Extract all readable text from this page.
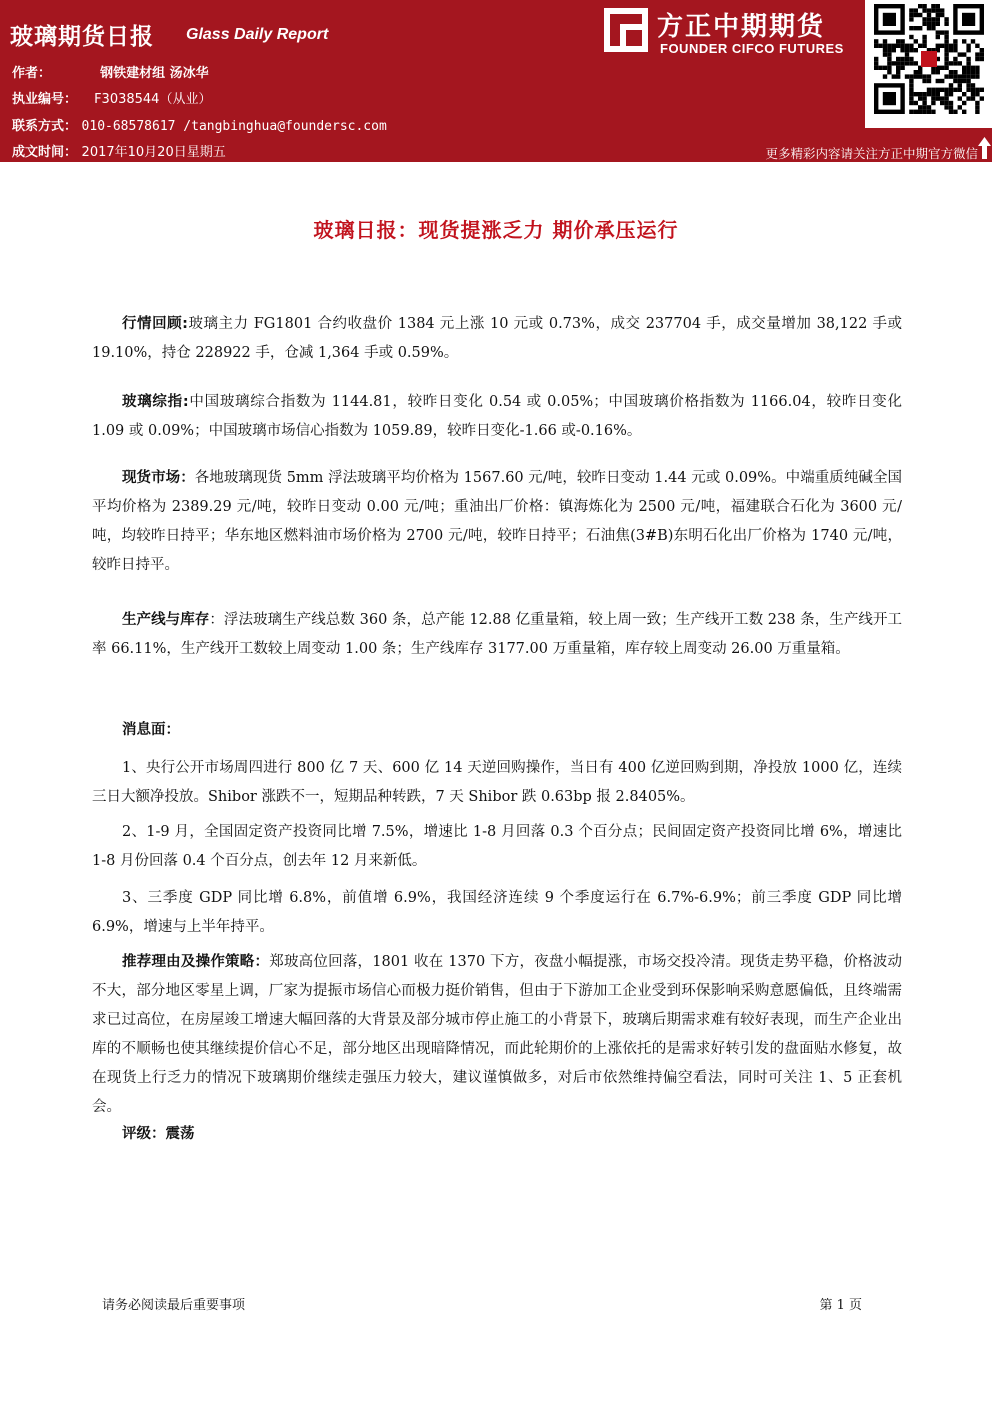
玻璃期货日报 Glass Daily Report
作者：	钢铁建材组 汤冰华
执业编号： F3038544（从业）
联系方式： 010-68578617 /tangbinghua@foundersc.com
成文时间： 2017年10月20日星期五
方正中期期货
FOUNDER CIFCO FUTURES
更多精彩内容请关注方正中期官方微信
玻璃日报：现货提涨乏力 期价承压运行

行情回顾:玻璃主力 FG1801 合约收盘价 1384 元上涨 10 元或 0.73%，成交 237704 手，成交量增加 38,122 手或 19.10%，持仓 228922 手，仓减 1,364 手或 0.59%。

玻璃综指:中国玻璃综合指数为 1144.81，较昨日变化 0.54 或 0.05%；中国玻璃价格指数为 1166.04，较昨日变化 1.09 或 0.09%；中国玻璃市场信心指数为 1059.89，较昨日变化-1.66 或-0.16%。

现货市场：各地玻璃现货 5mm 浮法玻璃平均价格为 1567.60 元/吨，较昨日变动 1.44 元或 0.09%。中端重质纯碱全国平均价格为 2389.29 元/吨，较昨日变动 0.00 元/吨；重油出厂价格：镇海炼化为 2500 元/吨，福建联合石化为 3600 元/吨，均较昨日持平；华东地区燃料油市场价格为 2700 元/吨，较昨日持平；石油焦(3#B)东明石化出厂价格为 1740 元/吨，较昨日持平。

生产线与库存：浮法玻璃生产线总数 360 条，总产能 12.88 亿重量箱，较上周一致；生产线开工数 238 条，生产线开工率 66.11%，生产线开工数较上周变动 1.00 条；生产线库存 3177.00 万重量箱，库存较上周变动 26.00 万重量箱。

消息面：

1、央行公开市场周四进行 800 亿 7 天、600 亿 14 天逆回购操作，当日有 400 亿逆回购到期，净投放 1000 亿，连续三日大额净投放。Shibor 涨跌不一，短期品种转跌，7 天 Shibor 跌 0.63bp 报 2.8405%。

2、1-9 月，全国固定资产投资同比增 7.5%，增速比 1-8 月回落 0.3 个百分点；民间固定资产投资同比增 6%，增速比 1-8 月份回落 0.4 个百分点，创去年 12 月来新低。

3、三季度 GDP 同比增 6.8%，前值增 6.9%，我国经济连续 9 个季度运行在 6.7%-6.9%；前三季度 GDP 同比增 6.9%，增速与上半年持平。

推荐理由及操作策略：郑玻高位回落，1801 收在 1370 下方，夜盘小幅提涨，市场交投冷清。现货走势平稳，价格波动不大，部分地区零星上调，厂家为提振市场信心而极力挺价销售，但由于下游加工企业受到环保影响采购意愿偏低，且终端需求已过高位，在房屋竣工增速大幅回落的大背景及部分城市停止施工的小背景下，玻璃后期需求难有较好表现，而生产企业出库的不顺畅也使其继续提价信心不足，部分地区出现暗降情况，而此轮期价的上涨依托的是需求好转引发的盘面贴水修复，故在现货上行乏力的情况下玻璃期价继续走强压力较大，建议谨慎做多，对后市依然维持偏空看法，同时可关注 1、5 正套机会。

评级：震荡

请务必阅读最后重要事项	第 1 页
